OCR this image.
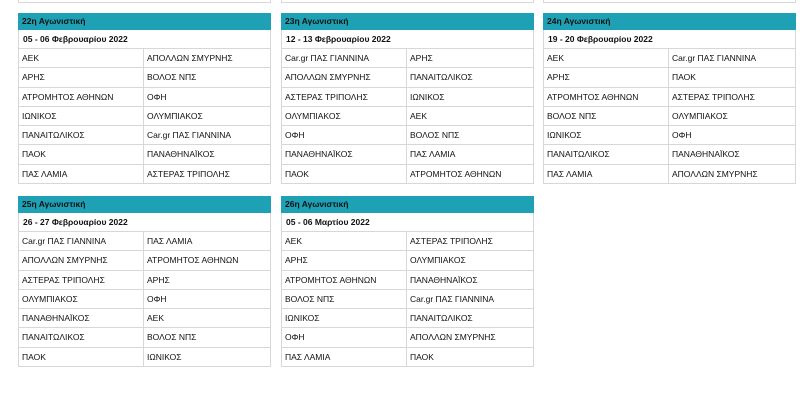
22η Αγωνιστική
05 - 06 Φεβρουαρίου 2022
ΑΕΚ	ΑΠΟΛΛΩΝ ΣΜΥΡΝΗΣ
ΑΡΗΣ	ΒΟΛΟΣ ΝΠΣ
ΑΤΡΟΜΗΤΟΣ ΑΘΗΝΩΝ	ΟΦΗ
ΙΩΝΙΚΟΣ	ΟΛΥΜΠΙΑΚΟΣ
ΠΑΝΑΙΤΩΛΙΚΟΣ	Car.gr ΠΑΣ ΓΙΑΝΝΙΝΑ
ΠΑΟΚ	ΠΑΝΑΘΗΝΑΪΚΟΣ
ΠΑΣ ΛΑΜΙΑ	ΑΣΤΕΡΑΣ ΤΡΙΠΟΛΗΣ
23η Αγωνιστική
12 - 13 Φεβρουαρίου 2022
Car.gr ΠΑΣ ΓΙΑΝΝΙΝΑ	ΑΡΗΣ
ΑΠΟΛΛΩΝ ΣΜΥΡΝΗΣ	ΠΑΝΑΙΤΩΛΙΚΟΣ
ΑΣΤΕΡΑΣ ΤΡΙΠΟΛΗΣ	ΙΩΝΙΚΟΣ
ΟΛΥΜΠΙΑΚΟΣ	ΑΕΚ
ΟΦΗ	ΒΟΛΟΣ ΝΠΣ
ΠΑΝΑΘΗΝΑΪΚΟΣ	ΠΑΣ ΛΑΜΙΑ
ΠΑΟΚ	ΑΤΡΟΜΗΤΟΣ ΑΘΗΝΩΝ
24η Αγωνιστική
19 - 20 Φεβρουαρίου 2022
ΑΕΚ	Car.gr ΠΑΣ ΓΙΑΝΝΙΝΑ
ΑΡΗΣ	ΠΑΟΚ
ΑΤΡΟΜΗΤΟΣ ΑΘΗΝΩΝ	ΑΣΤΕΡΑΣ ΤΡΙΠΟΛΗΣ
ΒΟΛΟΣ ΝΠΣ	ΟΛΥΜΠΙΑΚΟΣ
ΙΩΝΙΚΟΣ	ΟΦΗ
ΠΑΝΑΙΤΩΛΙΚΟΣ	ΠΑΝΑΘΗΝΑΪΚΟΣ
ΠΑΣ ΛΑΜΙΑ	ΑΠΟΛΛΩΝ ΣΜΥΡΝΗΣ
25η Αγωνιστική
26 - 27 Φεβρουαρίου 2022
Car.gr ΠΑΣ ΓΙΑΝΝΙΝΑ	ΠΑΣ ΛΑΜΙΑ
ΑΠΟΛΛΩΝ ΣΜΥΡΝΗΣ	ΑΤΡΟΜΗΤΟΣ ΑΘΗΝΩΝ
ΑΣΤΕΡΑΣ ΤΡΙΠΟΛΗΣ	ΑΡΗΣ
ΟΛΥΜΠΙΑΚΟΣ	ΟΦΗ
ΠΑΝΑΘΗΝΑΪΚΟΣ	ΑΕΚ
ΠΑΝΑΙΤΩΛΙΚΟΣ	ΒΟΛΟΣ ΝΠΣ
ΠΑΟΚ	ΙΩΝΙΚΟΣ
26η Αγωνιστική
05 - 06 Μαρτίου 2022
ΑΕΚ	ΑΣΤΕΡΑΣ ΤΡΙΠΟΛΗΣ
ΑΡΗΣ	ΟΛΥΜΠΙΑΚΟΣ
ΑΤΡΟΜΗΤΟΣ ΑΘΗΝΩΝ	ΠΑΝΑΘΗΝΑΪΚΟΣ
ΒΟΛΟΣ ΝΠΣ	Car.gr ΠΑΣ ΓΙΑΝΝΙΝΑ
ΙΩΝΙΚΟΣ	ΠΑΝΑΙΤΩΛΙΚΟΣ
ΟΦΗ	ΑΠΟΛΛΩΝ ΣΜΥΡΝΗΣ
ΠΑΣ ΛΑΜΙΑ	ΠΑΟΚ
